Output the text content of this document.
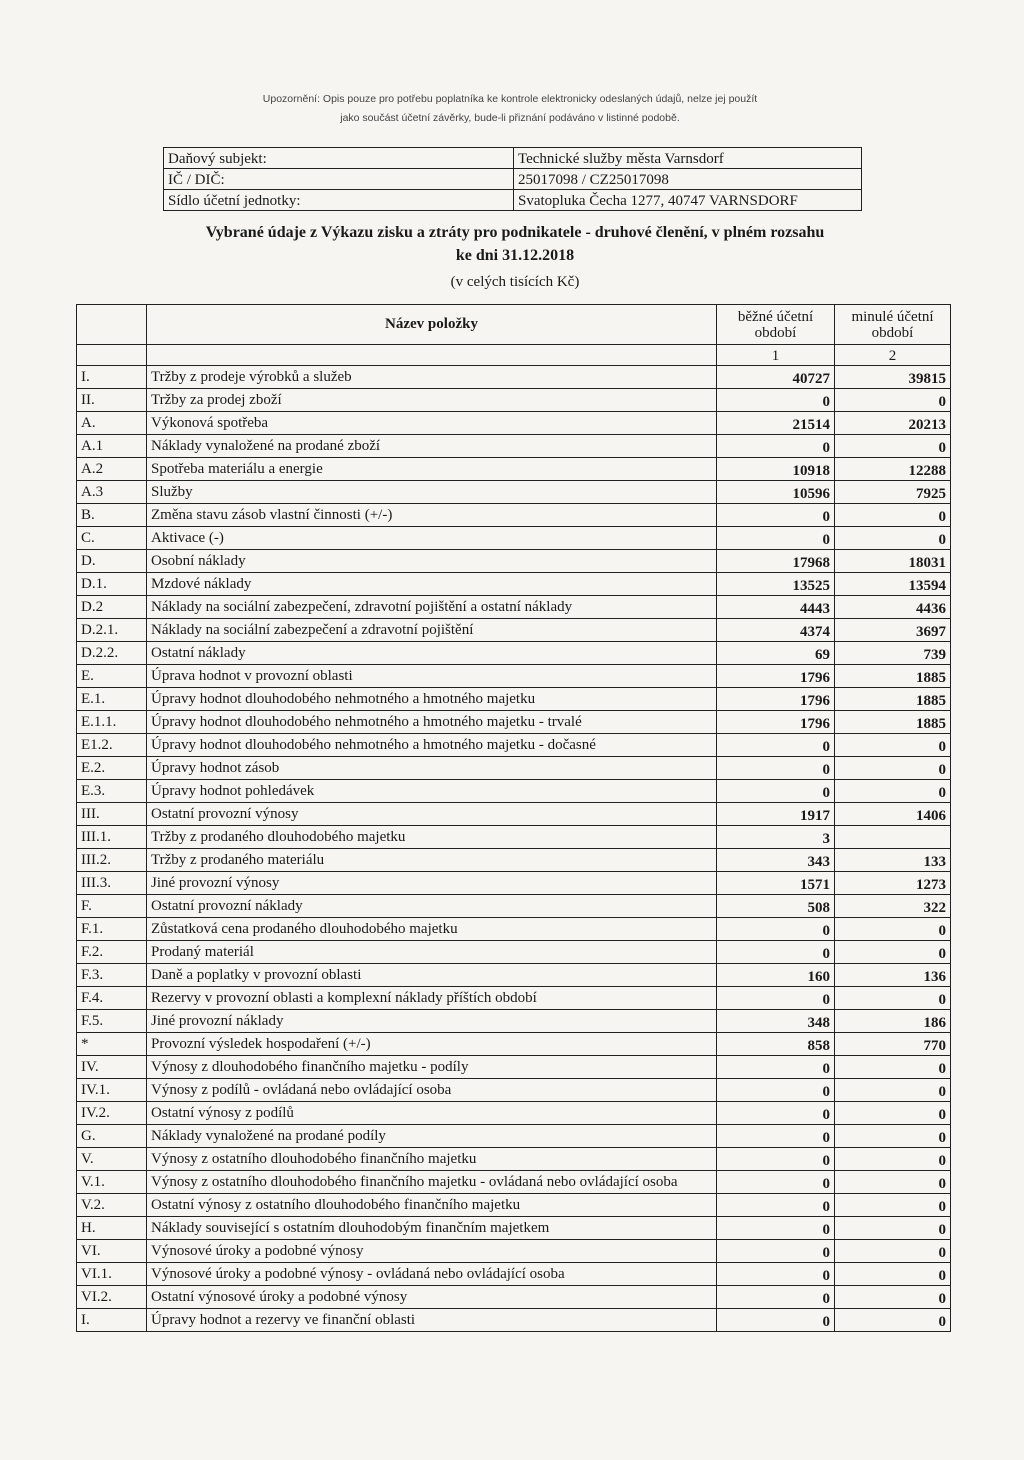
Upozornění: Opis pouze pro potřebu poplatníka ke kontrole elektronicky odeslaných údajů, nelze jej použít
jako součást účetní závěrky, bude-li přiznání podáváno v listinné podobě.
Daňový subjekt:	Technické služby města Varnsdorf
IČ / DIČ:	25017098 / CZ25017098
Sídlo účetní jednotky:	Svatopluka Čecha 1277, 40747 VARNSDORF
Vybrané údaje z Výkazu zisku a ztráty pro podnikatele - druhové členění, v plném rozsahu
ke dni 31.12.2018
(v celých tisících Kč)
	Název položky	běžné účetní období	minulé účetní období
		1	2
I.	Tržby z prodeje výrobků a služeb	40727	39815
II.	Tržby za prodej zboží	0	0
A.	Výkonová spotřeba	21514	20213
A.1	Náklady vynaložené na prodané zboží	0	0
A.2	Spotřeba materiálu a energie	10918	12288
A.3	Služby	10596	7925
B.	Změna stavu zásob vlastní činnosti (+/-)	0	0
C.	Aktivace (-)	0	0
D.	Osobní náklady	17968	18031
D.1.	Mzdové náklady	13525	13594
D.2	Náklady na sociální zabezpečení, zdravotní pojištění a ostatní náklady	4443	4436
D.2.1.	Náklady na sociální zabezpečení a zdravotní pojištění	4374	3697
D.2.2.	Ostatní náklady	69	739
E.	Úprava hodnot v provozní oblasti	1796	1885
E.1.	Úpravy hodnot dlouhodobého nehmotného a hmotného majetku	1796	1885
E.1.1.	Úpravy hodnot dlouhodobého nehmotného a hmotného majetku - trvalé	1796	1885
E1.2.	Úpravy hodnot dlouhodobého nehmotného a hmotného majetku - dočasné	0	0
E.2.	Úpravy hodnot zásob	0	0
E.3.	Úpravy hodnot pohledávek	0	0
III.	Ostatní provozní výnosy	1917	1406
III.1.	Tržby z prodaného dlouhodobého majetku	3	
III.2.	Tržby z prodaného materiálu	343	133
III.3.	Jiné provozní výnosy	1571	1273
F.	Ostatní provozní náklady	508	322
F.1.	Zůstatková cena prodaného dlouhodobého majetku	0	0
F.2.	Prodaný materiál	0	0
F.3.	Daně a poplatky v provozní oblasti	160	136
F.4.	Rezervy v provozní oblasti a komplexní náklady příštích období	0	0
F.5.	Jiné provozní náklady	348	186
*	Provozní výsledek hospodaření (+/-)	858	770
IV.	Výnosy z dlouhodobého finančního majetku - podíly	0	0
IV.1.	Výnosy z podílů - ovládaná nebo ovládající osoba	0	0
IV.2.	Ostatní výnosy z podílů	0	0
G.	Náklady vynaložené na prodané podíly	0	0
V.	Výnosy z ostatního dlouhodobého finančního majetku	0	0
V.1.	Výnosy z ostatního dlouhodobého finančního majetku - ovládaná nebo ovládající osoba	0	0
V.2.	Ostatní výnosy z ostatního dlouhodobého finančního majetku	0	0
H.	Náklady související s ostatním dlouhodobým finančním majetkem	0	0
VI.	Výnosové úroky a podobné výnosy	0	0
VI.1.	Výnosové úroky a podobné výnosy - ovládaná nebo ovládající osoba	0	0
VI.2.	Ostatní výnosové úroky a podobné výnosy	0	0
I.	Úpravy hodnot a rezervy ve finanční oblasti	0	0
